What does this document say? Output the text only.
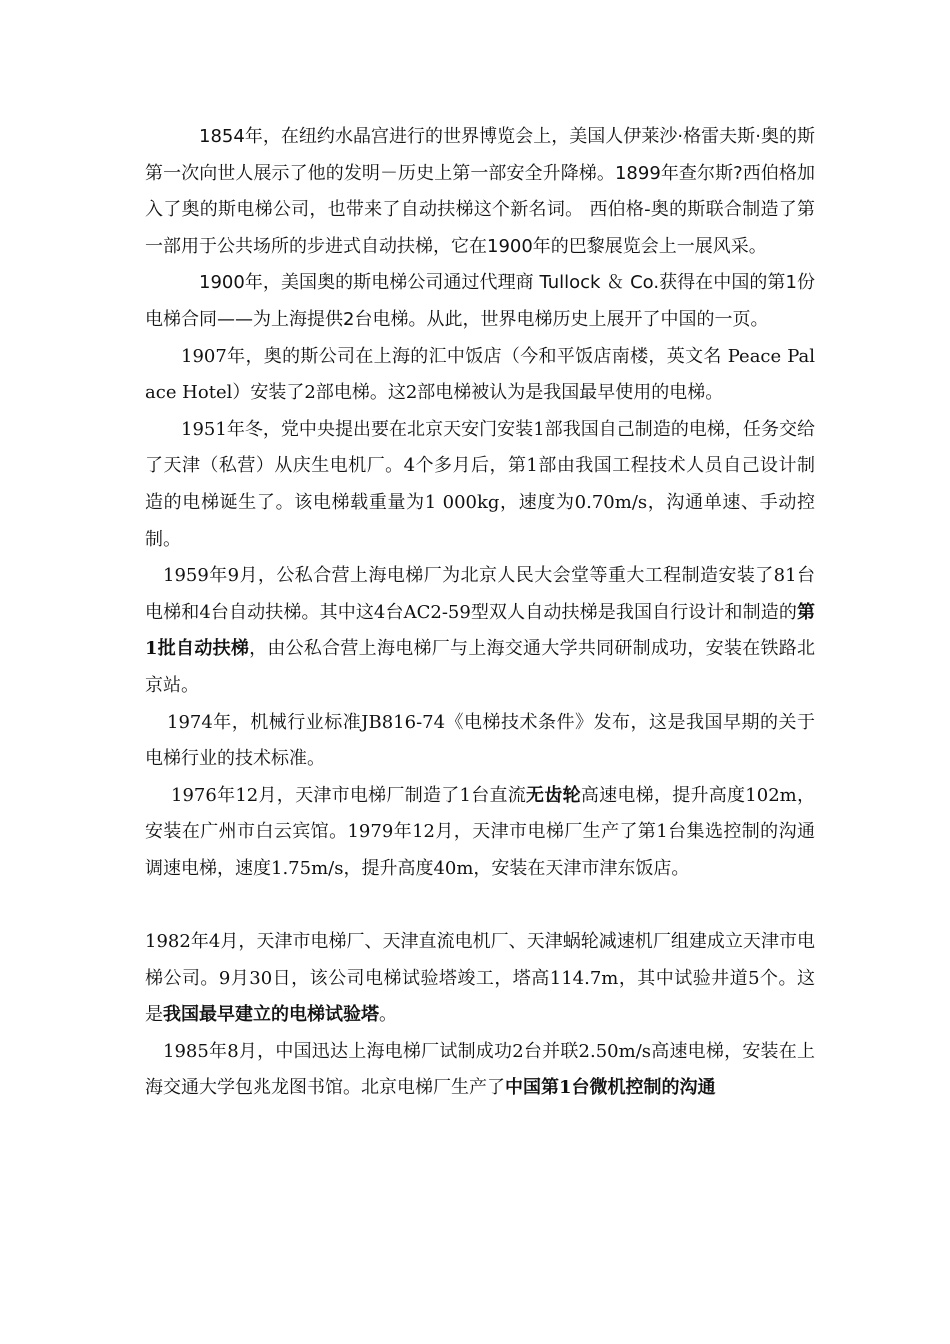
1854年，在纽约水晶宫进行的世界博览会上，美国人伊莱沙·格雷夫斯·奥的斯第一次向世人展示了他的发明－历史上第一部安全升降梯。1899年查尔斯?西伯格加入了奥的斯电梯公司，也带来了自动扶梯这个新名词。 西伯格-奥的斯联合制造了第一部用于公共场所的步进式自动扶梯，它在1900年的巴黎展览会上一展风采。

1900年，美国奥的斯电梯公司通过代理商 Tullock ＆ Co.获得在中国的第1份电梯合同——为上海提供2台电梯。从此，世界电梯历史上展开了中国的一页。

1907年，奥的斯公司在上海的汇中饭店（今和平饭店南楼，英文名 Peace Palace Hotel）安装了2部电梯。这2部电梯被认为是我国最早使用的电梯。

1951年冬，党中央提出要在北京天安门安装1部我国自己制造的电梯，任务交给了天津（私营）从庆生电机厂。4个多月后，第1部由我国工程技术人员自己设计制造的电梯诞生了。该电梯载重量为1 000kg，速度为0.70m/s，沟通单速、手动控制。

1959年9月，公私合营上海电梯厂为北京人民大会堂等重大工程制造安装了81台电梯和4台自动扶梯。其中这4台AC2-59型双人自动扶梯是我国自行设计和制造的第1批自动扶梯，由公私合营上海电梯厂与上海交通大学共同研制成功，安装在铁路北京站。

1974年，机械行业标准JB816-74《电梯技术条件》发布，这是我国早期的关于电梯行业的技术标准。

1976年12月，天津市电梯厂制造了1台直流无齿轮高速电梯，提升高度102m，安装在广州市白云宾馆。1979年12月，天津市电梯厂生产了第1台集选控制的沟通调速电梯，速度1.75m/s，提升高度40m，安装在天津市津东饭店。

1982年4月，天津市电梯厂、天津直流电机厂、天津蜗轮减速机厂组建成立天津市电梯公司。9月30日，该公司电梯试验塔竣工，塔高114.7m，其中试验井道5个。这是我国最早建立的电梯试验塔。

1985年8月，中国迅达上海电梯厂试制成功2台并联2.50m/s高速电梯，安装在上海交通大学包兆龙图书馆。北京电梯厂生产了中国第1台微机控制的沟通
